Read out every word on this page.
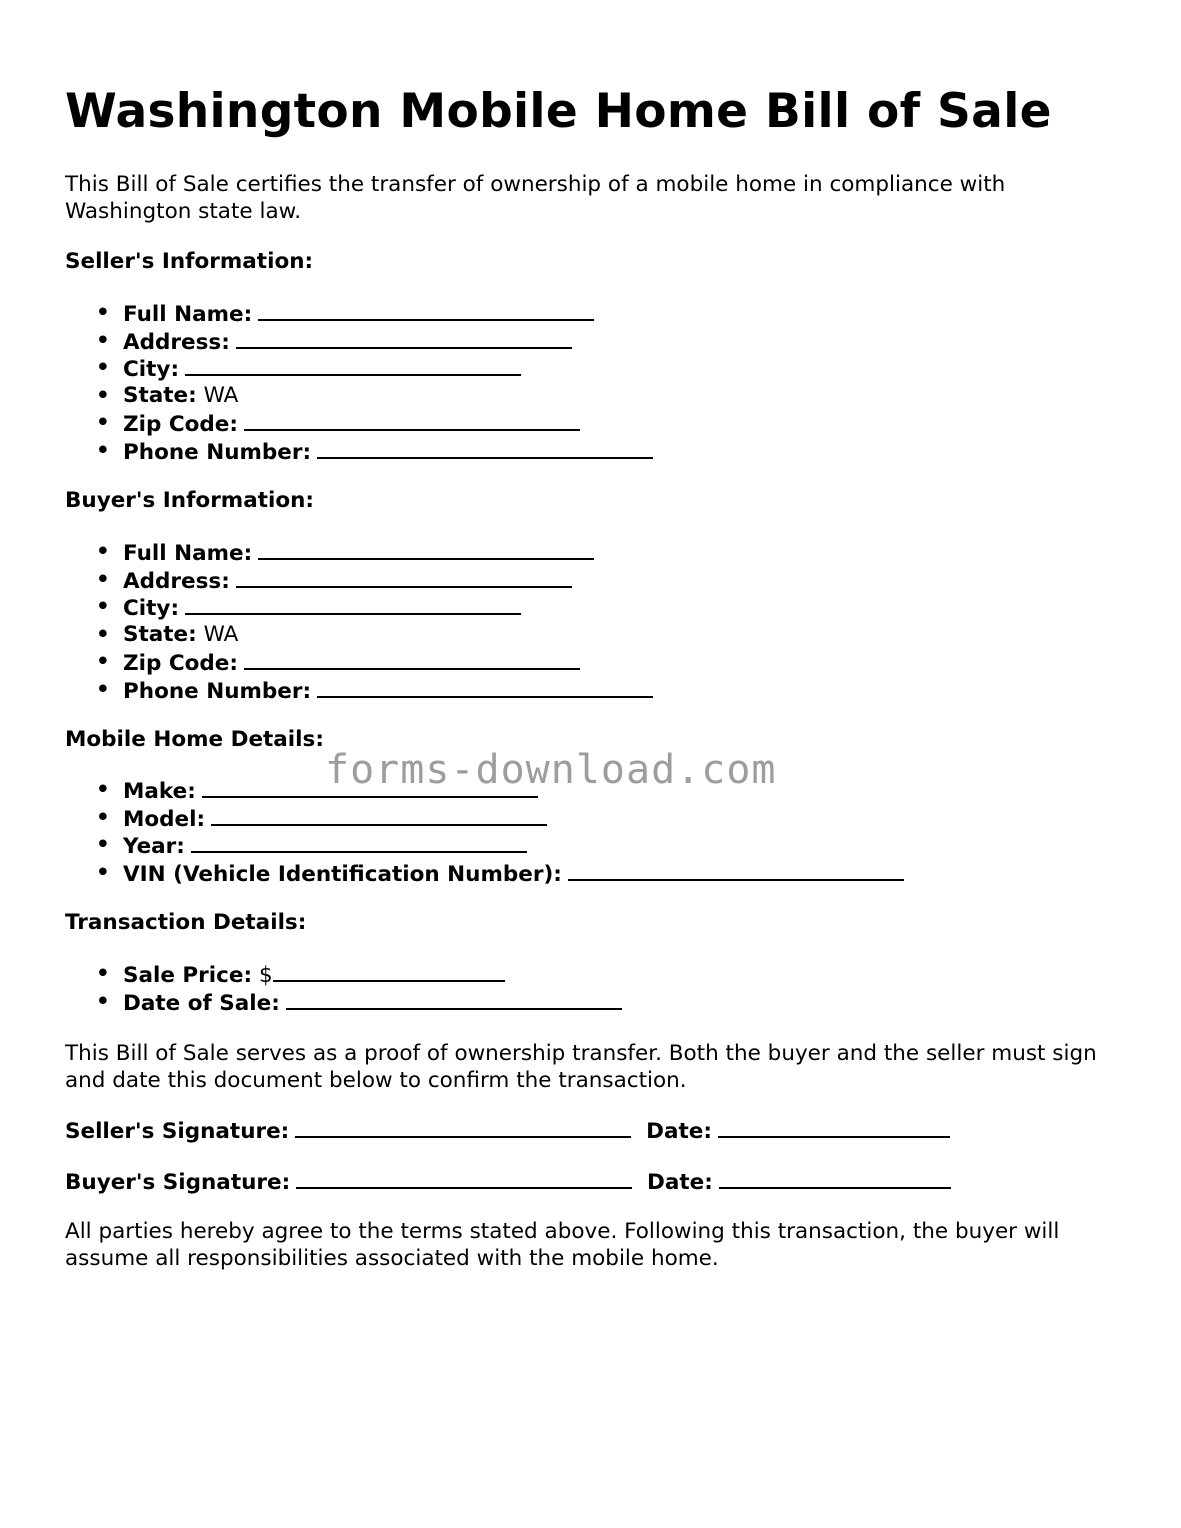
Washington Mobile Home Bill of Sale

This Bill of Sale certifies the transfer of ownership of a mobile home in compliance with Washington state law.

Seller's Information:

• Full Name:
• Address:
• City:
• State: WA
• Zip Code:
• Phone Number:

Buyer's Information:

• Full Name:
• Address:
• City:
• State: WA
• Zip Code:
• Phone Number:

Mobile Home Details:

• Make:
• Model:
• Year:
• VIN (Vehicle Identification Number):

Transaction Details:

• Sale Price: $
• Date of Sale:

This Bill of Sale serves as a proof of ownership transfer. Both the buyer and the seller must sign and date this document below to confirm the transaction.

Seller's Signature:	Date:
Buyer's Signature:	Date:

All parties hereby agree to the terms stated above. Following this transaction, the buyer will assume all responsibilities associated with the mobile home.

forms-download.com
